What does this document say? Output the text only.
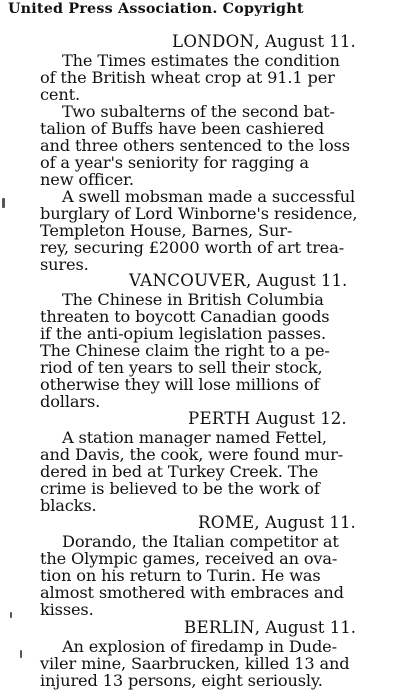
United Press Association. Copyright
LONDON, August 11.
The Times estimates the condition
of the British wheat crop at 91.1 per
cent.
Two subalterns of the second bat-
talion of Buffs have been cashiered
and three others sentenced to the loss
of a year's seniority for ragging a
new officer.
A swell mobsman made a successful
burglary of Lord Winborne's residence,
Templeton House, Barnes, Sur-
rey, securing £2000 worth of art trea-
sures.
VANCOUVER, August 11.
The Chinese in British Columbia
threaten to boycott Canadian goods
if the anti-opium legislation passes.
The Chinese claim the right to a pe-
riod of ten years to sell their stock,
otherwise they will lose millions of
dollars.
PERTH August 12.
A station manager named Fettel,
and Davis, the cook, were found mur-
dered in bed at Turkey Creek. The
crime is believed to be the work of
blacks.
ROME, August 11.
Dorando, the Italian competitor at
the Olympic games, received an ova-
tion on his return to Turin. He was
almost smothered with embraces and
kisses.
BERLIN, August 11.
An explosion of firedamp in Dude-
viler mine, Saarbrucken, killed 13 and
injured 13 persons, eight seriously.
